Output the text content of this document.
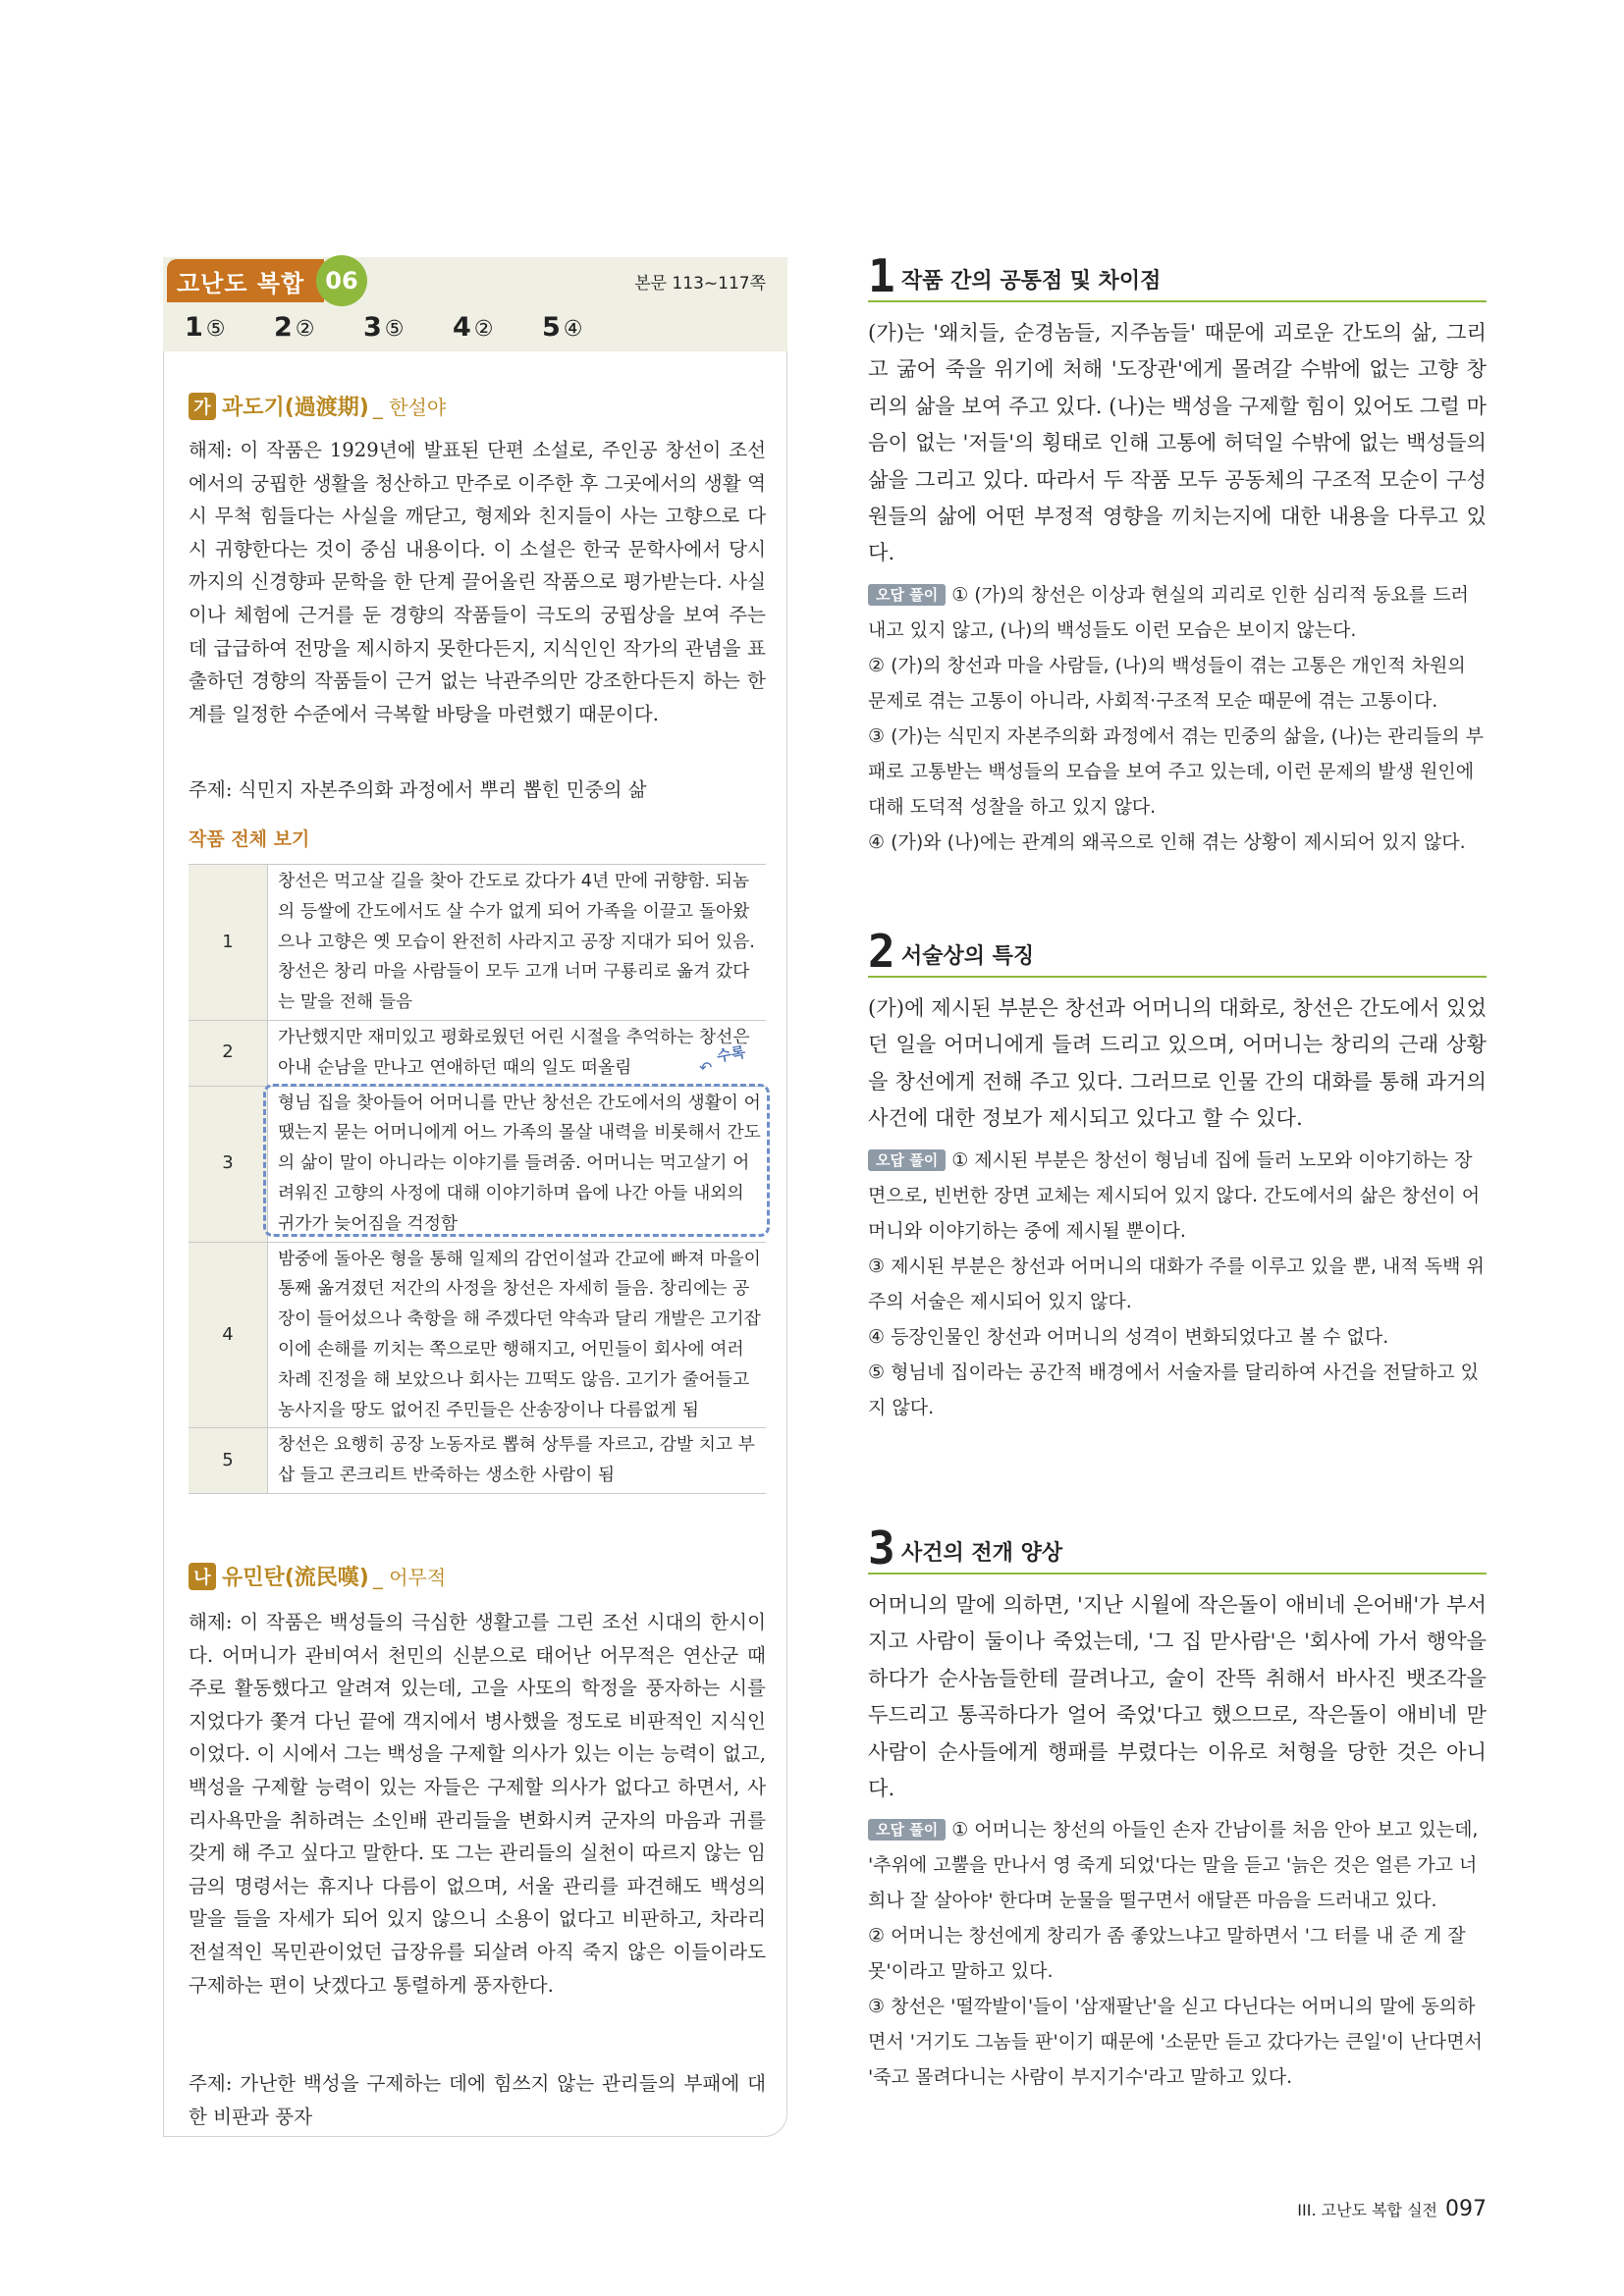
고난도 복합 06	본문 113~117쪽
1 ⑤	2 ②	3 ⑤	4 ②	5 ④
가 과도기(過渡期) _ 한설야
해제: 이 작품은 1929년에 발표된 단편 소설로, 주인공 창선이 조선에서의 궁핍한 생활을 청산하고 만주로 이주한 후 그곳에서의 생활 역시 무척 힘들다는 사실을 깨닫고, 형제와 친지들이 사는 고향으로 다시 귀향한다는 것이 중심 내용이다. 이 소설은 한국 문학사에서 당시까지의 신경향파 문학을 한 단계 끌어올린 작품으로 평가받는다. 사실이나 체험에 근거를 둔 경향의 작품들이 극도의 궁핍상을 보여 주는 데 급급하여 전망을 제시하지 못한다든지, 지식인인 작가의 관념을 표출하던 경향의 작품들이 근거 없는 낙관주의만 강조한다든지 하는 한계를 일정한 수준에서 극복할 바탕을 마련했기 때문이다.
주제: 식민지 자본주의화 과정에서 뿌리 뽑힌 민중의 삶
작품 전체 보기
1	창선은 먹고살 길을 찾아 간도로 갔다가 4년 만에 귀향함. 되놈의 등쌀에 간도에서도 살 수가 없게 되어 가족을 이끌고 돌아왔으나 고향은 옛 모습이 완전히 사라지고 공장 지대가 되어 있음. 창선은 창리 마을 사람들이 모두 고개 너머 구룡리로 옮겨 갔다는 말을 전해 들음
2	가난했지만 재미있고 평화로웠던 어린 시절을 추억하는 창선은 아내 순남을 만나고 연애하던 때의 일도 떠올림
3	형님 집을 찾아들어 어머니를 만난 창선은 간도에서의 생활이 어땠는지 묻는 어머니에게 어느 가족의 몰살 내력을 비롯해서 간도의 삶이 말이 아니라는 이야기를 들려줌. 어머니는 먹고살기 어려워진 고향의 사정에 대해 이야기하며 읍에 나간 아들 내외의 귀가가 늦어짐을 걱정함
4	밤중에 돌아온 형을 통해 일제의 감언이설과 간교에 빠져 마을이 통째 옮겨졌던 저간의 사정을 창선은 자세히 들음. 창리에는 공장이 들어섰으나 축항을 해 주겠다던 약속과 달리 개발은 고기잡이에 손해를 끼치는 쪽으로만 행해지고, 어민들이 회사에 여러 차례 진정을 해 보았으나 회사는 끄떡도 않음. 고기가 줄어들고 농사지을 땅도 없어진 주민들은 산송장이나 다름없게 됨
5	창선은 요행히 공장 노동자로 뽑혀 상투를 자르고, 감발 치고 부삽 들고 콘크리트 반죽하는 생소한 사람이 됨
나 유민탄(流民嘆) _ 어무적
해제: 이 작품은 백성들의 극심한 생활고를 그린 조선 시대의 한시이다. 어머니가 관비여서 천민의 신분으로 태어난 어무적은 연산군 때 주로 활동했다고 알려져 있는데, 고을 사또의 학정을 풍자하는 시를 지었다가 쫓겨 다닌 끝에 객지에서 병사했을 정도로 비판적인 지식인이었다. 이 시에서 그는 백성을 구제할 의사가 있는 이는 능력이 없고, 백성을 구제할 능력이 있는 자들은 구제할 의사가 없다고 하면서, 사리사욕만을 취하려는 소인배 관리들을 변화시켜 군자의 마음과 귀를 갖게 해 주고 싶다고 말한다. 또 그는 관리들의 실천이 따르지 않는 임금의 명령서는 휴지나 다름이 없으며, 서울 관리를 파견해도 백성의 말을 들을 자세가 되어 있지 않으니 소용이 없다고 비판하고, 차라리 전설적인 목민관이었던 급장유를 되살려 아직 죽지 않은 이들이라도 구제하는 편이 낫겠다고 통렬하게 풍자한다.
주제: 가난한 백성을 구제하는 데에 힘쓰지 않는 관리들의 부패에 대한 비판과 풍자
수록
↶
1 작품 간의 공통점 및 차이점
(가)는 '왜치들, 순경놈들, 지주놈들' 때문에 괴로운 간도의 삶, 그리고 굶어 죽을 위기에 처해 '도장관'에게 몰려갈 수밖에 없는 고향 창리의 삶을 보여 주고 있다. (나)는 백성을 구제할 힘이 있어도 그럴 마음이 없는 '저들'의 횡태로 인해 고통에 허덕일 수밖에 없는 백성들의 삶을 그리고 있다. 따라서 두 작품 모두 공동체의 구조적 모순이 구성원들의 삶에 어떤 부정적 영향을 끼치는지에 대한 내용을 다루고 있다.

오답 풀이 ① (가)의 창선은 이상과 현실의 괴리로 인한 심리적 동요를 드러내고 있지 않고, (나)의 백성들도 이런 모습은 보이지 않는다.

② (가)의 창선과 마을 사람들, (나)의 백성들이 겪는 고통은 개인적 차원의 문제로 겪는 고통이 아니라, 사회적·구조적 모순 때문에 겪는 고통이다.

③ (가)는 식민지 자본주의화 과정에서 겪는 민중의 삶을, (나)는 관리들의 부패로 고통받는 백성들의 모습을 보여 주고 있는데, 이런 문제의 발생 원인에 대해 도덕적 성찰을 하고 있지 않다.

④ (가)와 (나)에는 관계의 왜곡으로 인해 겪는 상황이 제시되어 있지 않다.

2 서술상의 특징
(가)에 제시된 부분은 창선과 어머니의 대화로, 창선은 간도에서 있었던 일을 어머니에게 들려 드리고 있으며, 어머니는 창리의 근래 상황을 창선에게 전해 주고 있다. 그러므로 인물 간의 대화를 통해 과거의 사건에 대한 정보가 제시되고 있다고 할 수 있다.

오답 풀이 ① 제시된 부분은 창선이 형님네 집에 들러 노모와 이야기하는 장면으로, 빈번한 장면 교체는 제시되어 있지 않다. 간도에서의 삶은 창선이 어머니와 이야기하는 중에 제시될 뿐이다.

③ 제시된 부분은 창선과 어머니의 대화가 주를 이루고 있을 뿐, 내적 독백 위주의 서술은 제시되어 있지 않다.

④ 등장인물인 창선과 어머니의 성격이 변화되었다고 볼 수 없다.

⑤ 형님네 집이라는 공간적 배경에서 서술자를 달리하여 사건을 전달하고 있지 않다.

3 사건의 전개 양상
어머니의 말에 의하면, '지난 시월에 작은돌이 애비네 은어배'가 부서지고 사람이 둘이나 죽었는데, '그 집 맏사람'은 '회사에 가서 행악을 하다가 순사놈들한테 끌려나고, 술이 잔뜩 취해서 바사진 뱃조각을 두드리고 통곡하다가 얼어 죽었'다고 했으므로, 작은돌이 애비네 맏사람이 순사들에게 행패를 부렸다는 이유로 처형을 당한 것은 아니다.

오답 풀이 ① 어머니는 창선의 아들인 손자 간남이를 처음 안아 보고 있는데, '추위에 고뿔을 만나서 영 죽게 되었'다는 말을 듣고 '늙은 것은 얼른 가고 너희나 잘 살아야' 한다며 눈물을 떨구면서 애달픈 마음을 드러내고 있다.

② 어머니는 창선에게 창리가 좀 좋았느냐고 말하면서 '그 터를 내 준 게 잘못'이라고 말하고 있다.

③ 창선은 '떨깍발이'들이 '삼재팔난'을 싣고 다닌다는 어머니의 말에 동의하면서 '거기도 그놈들 판'이기 때문에 '소문만 듣고 갔다가는 큰일'이 난다면서 '죽고 몰려다니는 사람이 부지기수'라고 말하고 있다.

III. 고난도 복합 실전 097
